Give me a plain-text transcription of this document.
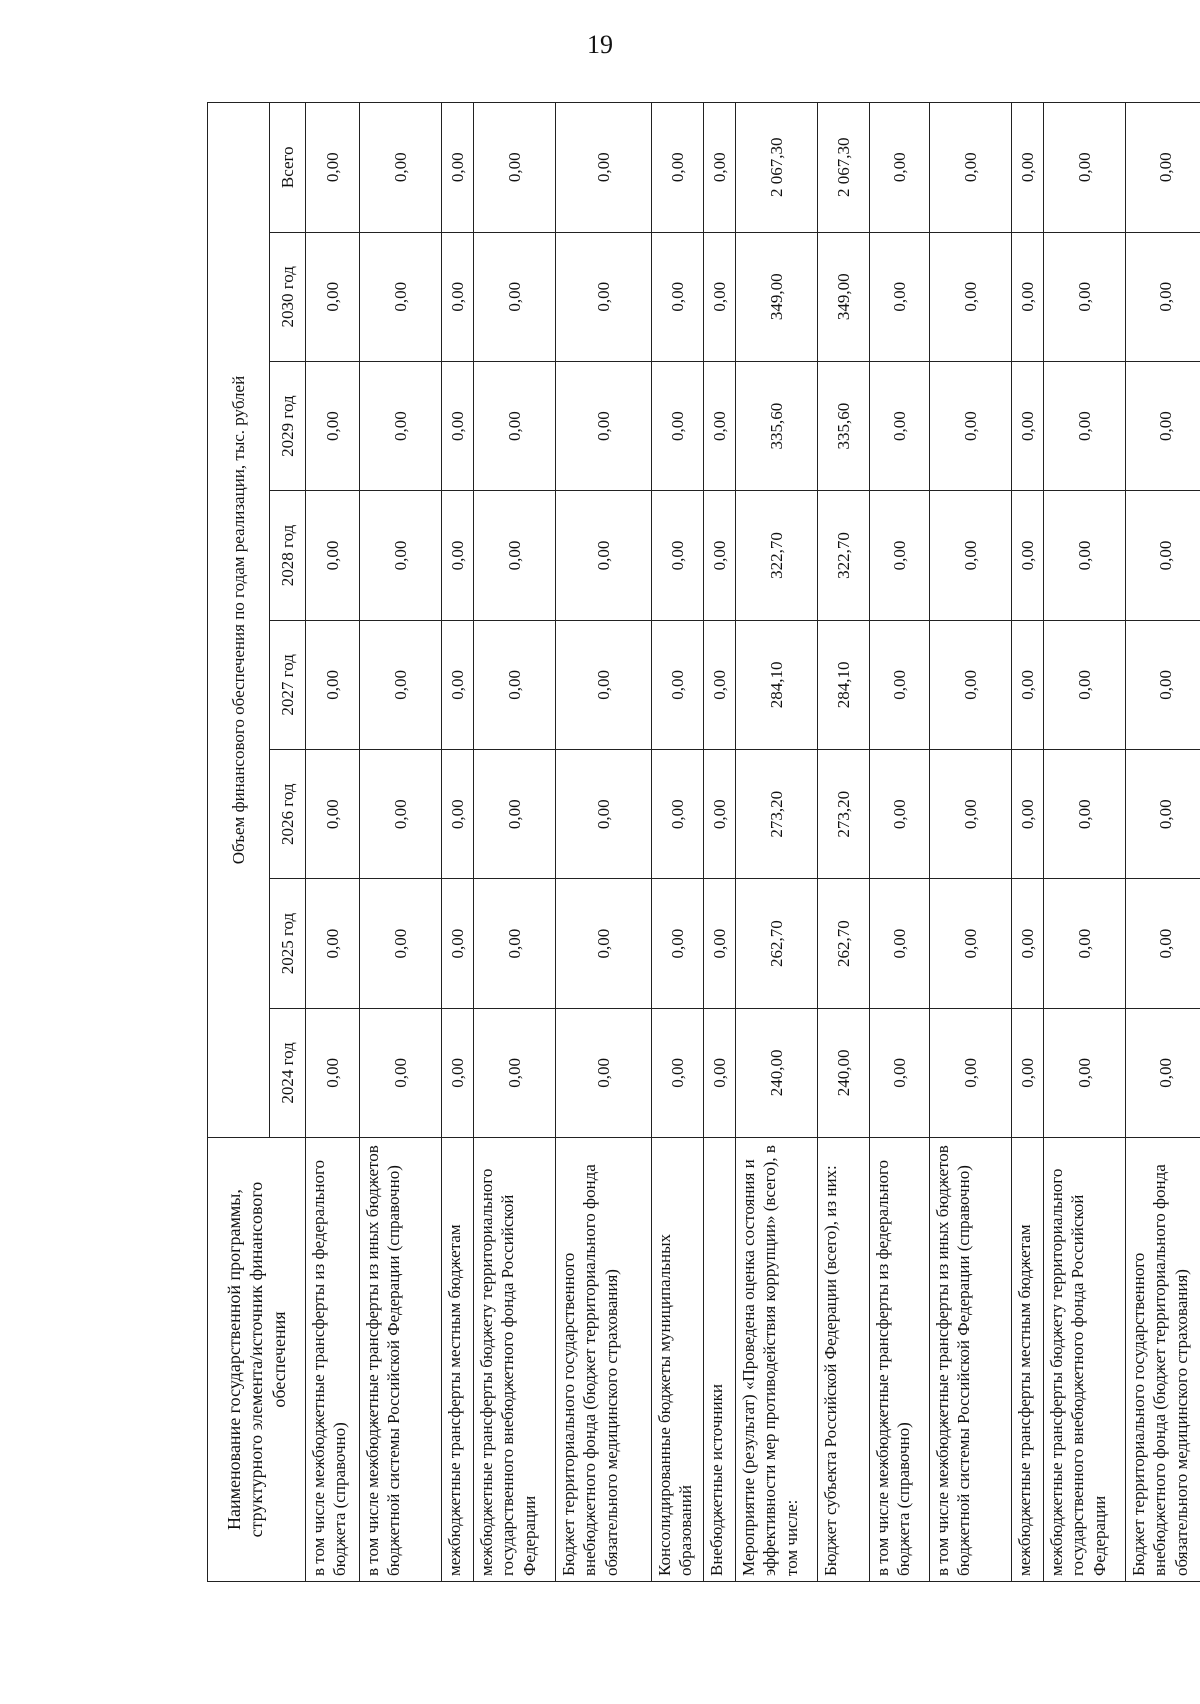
19
Наименование государственной программы, структурного элемента/источник финансового обеспечения	Объем финансового обеспечения по годам реализации, тыс. рублей							
	2024 год	2025 год	2026 год	2027 год	2028 год	2029 год	2030 год	Всего
в том числе межбюджетные трансферты из федерального бюджета (справочно)	0,00	0,00	0,00	0,00	0,00	0,00	0,00	0,00
в том числе межбюджетные трансферты из иных бюджетов бюджетной системы Российской Федерации (справочно)	0,00	0,00	0,00	0,00	0,00	0,00	0,00	0,00
межбюджетные трансферты местным бюджетам	0,00	0,00	0,00	0,00	0,00	0,00	0,00	0,00
межбюджетные трансферты бюджету территориального государственного внебюджетного фонда Российской Федерации	0,00	0,00	0,00	0,00	0,00	0,00	0,00	0,00
Бюджет территориального государственного внебюджетного фонда (бюджет территориального фонда обязательного медицинского страхования)	0,00	0,00	0,00	0,00	0,00	0,00	0,00	0,00
Консолидированные бюджеты муниципальных образований	0,00	0,00	0,00	0,00	0,00	0,00	0,00	0,00
Внебюджетные источники	0,00	0,00	0,00	0,00	0,00	0,00	0,00	0,00
Мероприятие (результат) «Проведена оценка состояния и эффективности мер противодействия коррупции» (всего), в том числе:	240,00	262,70	273,20	284,10	322,70	335,60	349,00	2 067,30
Бюджет субъекта Российской Федерации (всего), из них:	240,00	262,70	273,20	284,10	322,70	335,60	349,00	2 067,30
в том числе межбюджетные трансферты из федерального бюджета (справочно)	0,00	0,00	0,00	0,00	0,00	0,00	0,00	0,00
в том числе межбюджетные трансферты из иных бюджетов бюджетной системы Российской Федерации (справочно)	0,00	0,00	0,00	0,00	0,00	0,00	0,00	0,00
межбюджетные трансферты местным бюджетам	0,00	0,00	0,00	0,00	0,00	0,00	0,00	0,00
межбюджетные трансферты бюджету территориального государственного внебюджетного фонда Российской Федерации	0,00	0,00	0,00	0,00	0,00	0,00	0,00	0,00
Бюджет территориального государственного внебюджетного фонда (бюджет территориального фонда обязательного медицинского страхования)	0,00	0,00	0,00	0,00	0,00	0,00	0,00	0,00
